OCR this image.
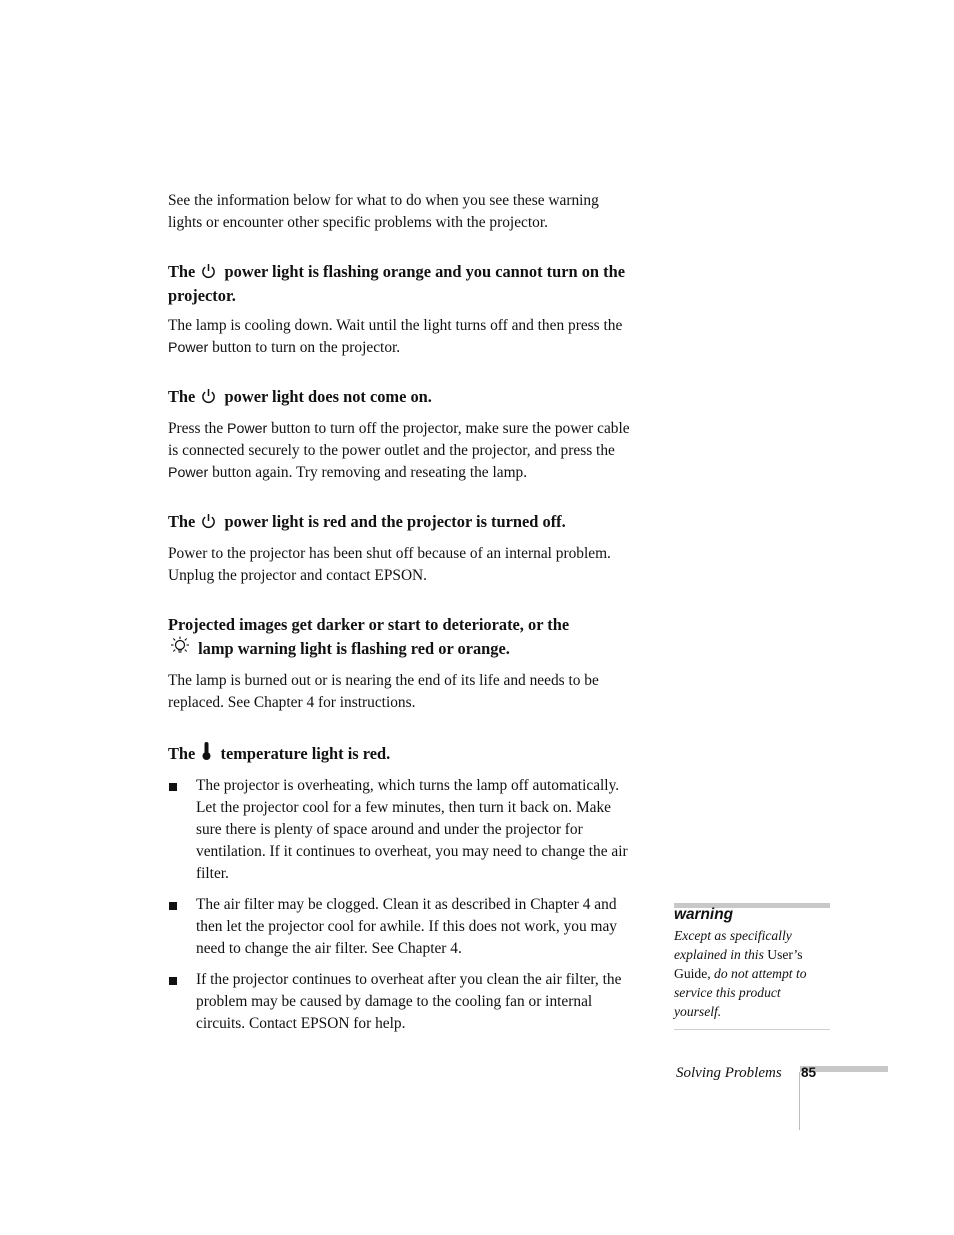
See the information below for what to do when you see these warning lights or encounter other specific problems with the projector.

The power light is flashing orange and you cannot turn on the projector.

The lamp is cooling down. Wait until the light turns off and then press the Power button to turn on the projector.

The power light does not come on.

Press the Power button to turn off the projector, make sure the power cable is connected securely to the power outlet and the projector, and press the Power button again. Try removing and reseating the lamp.

The power light is red and the projector is turned off.

Power to the projector has been shut off because of an internal problem. Unplug the projector and contact EPSON.

Projected images get darker or start to deteriorate, or the
lamp warning light is flashing red or orange.

The lamp is burned out or is nearing the end of its life and needs to be replaced. See Chapter 4 for instructions.

The temperature light is red.
The projector is overheating, which turns the lamp off automatically. Let the projector cool for a few minutes, then turn it back on. Make sure there is plenty of space around and under the projector for ventilation. If it continues to overheat, you may need to change the air filter.
The air filter may be clogged. Clean it as described in Chapter 4 and then let the projector cool for awhile. If this does not work, you may need to change the air filter. See Chapter 4.
If the projector continues to overheat after you clean the air filter, the problem may be caused by damage to the cooling fan or internal circuits. Contact EPSON for help.
warning
Except as specifically explained in this User’s Guide, do not attempt to service this product yourself.
Solving Problems 85
